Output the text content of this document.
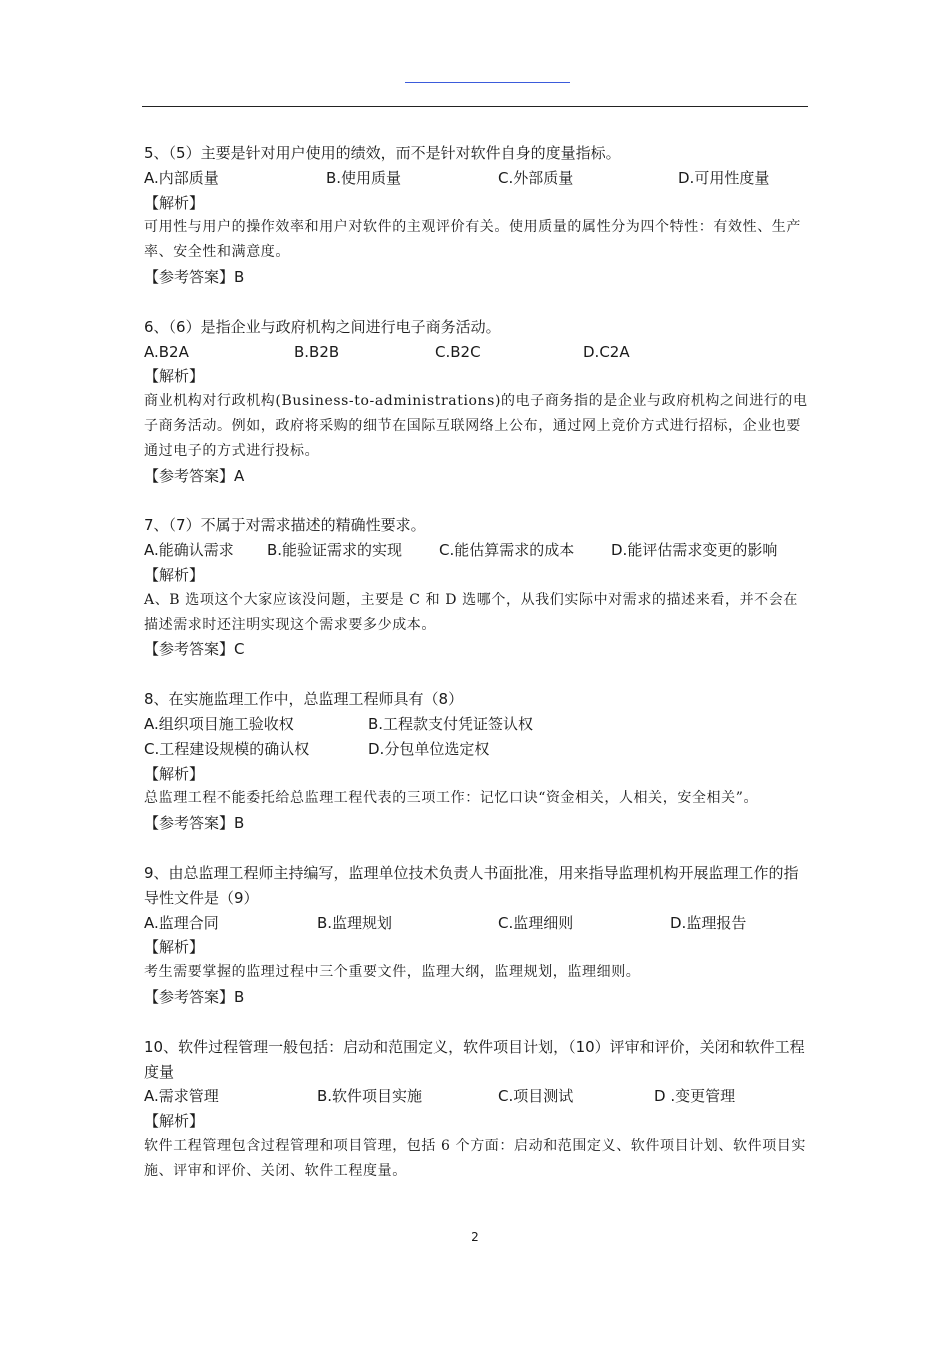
5、（5）主要是针对用户使用的绩效，而不是针对软件自身的度量指标。
A.内部质量	B.使用质量	C.外部质量	D.可用性度量
【解析】
可用性与用户的操作效率和用户对软件的主观评价有关。使用质量的属性分为四个特性：有效性、生产率、安全性和满意度。
【参考答案】B
6、（6）是指企业与政府机构之间进行电子商务活动。
A.B2A	B.B2B	C.B2C	D.C2A
【解析】
商业机构对行政机构(Business-to-administrations)的电子商务指的是企业与政府机构之间进行的电子商务活动。例如，政府将采购的细节在国际互联网络上公布，通过网上竞价方式进行招标，企业也要通过电子的方式进行投标。
【参考答案】A
7、（7）不属于对需求描述的精确性要求。
A.能确认需求	B.能验证需求的实现	C.能估算需求的成本	D.能评估需求变更的影响
【解析】
A、B 选项这个大家应该没问题，主要是 C 和 D 选哪个，从我们实际中对需求的描述来看，并不会在描述需求时还注明实现这个需求要多少成本。
【参考答案】C
8、在实施监理工作中，总监理工程师具有（8）
A.组织项目施工验收权	B.工程款支付凭证签认权
C.工程建设规模的确认权	D.分包单位选定权
【解析】
总监理工程不能委托给总监理工程代表的三项工作：记忆口诀“资金相关，人相关，安全相关”。
【参考答案】B
9、由总监理工程师主持编写，监理单位技术负责人书面批准，用来指导监理机构开展监理工作的指导性文件是（9）
A.监理合同	B.监理规划	C.监理细则	D.监理报告
【解析】
考生需要掌握的监理过程中三个重要文件，监理大纲，监理规划，监理细则。
【参考答案】B
10、软件过程管理一般包括：启动和范围定义，软件项目计划，（10）评审和评价，关闭和软件工程度量
A.需求管理	B.软件项目实施	C.项目测试	D .变更管理
【解析】
软件工程管理包含过程管理和项目管理，包括 6 个方面：启动和范围定义、软件项目计划、软件项目实施、评审和评价、关闭、软件工程度量。
2
